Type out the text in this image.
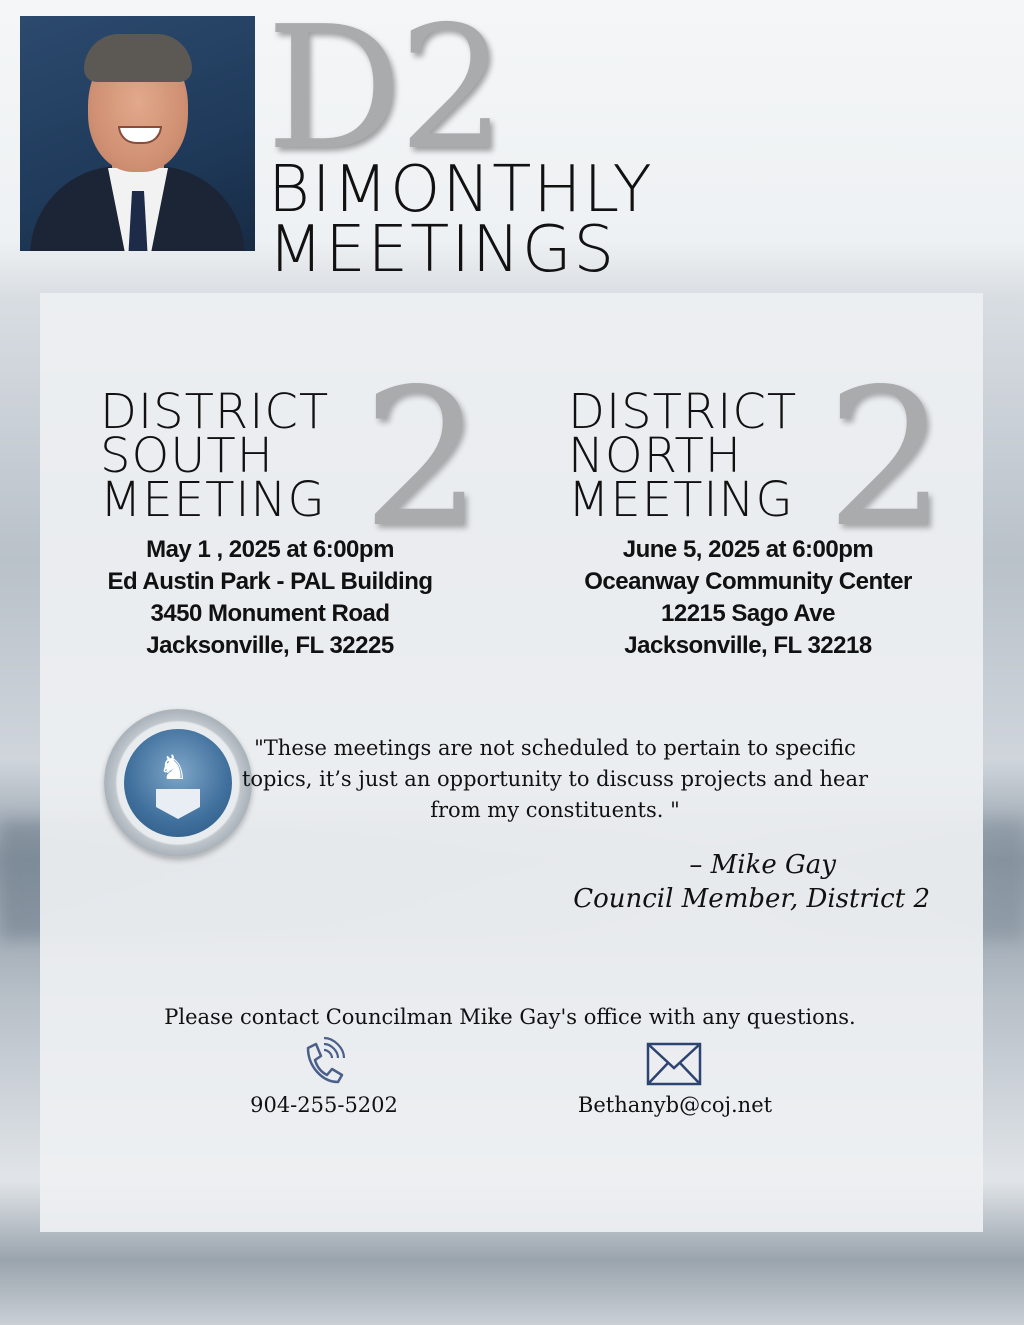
D2
BIMONTHLY
MEETINGS
2
DISTRICT
SOUTH
MEETING
May 1 , 2025 at 6:00pm
Ed Austin Park - PAL Building
3450 Monument Road
Jacksonville, FL 32225
2
DISTRICT
NORTH
MEETING
June 5, 2025 at 6:00pm
Oceanway Community Center
12215 Sago Ave
Jacksonville, FL 32218
♞	"These meetings are not scheduled to pertain to specific topics, it’s just an opportunity to discuss projects and hear from my constituents. "
– Mike Gay
Council Member, District 2
Please contact Councilman Mike Gay's office with any questions.
904-255-5202	Bethanyb@coj.net
